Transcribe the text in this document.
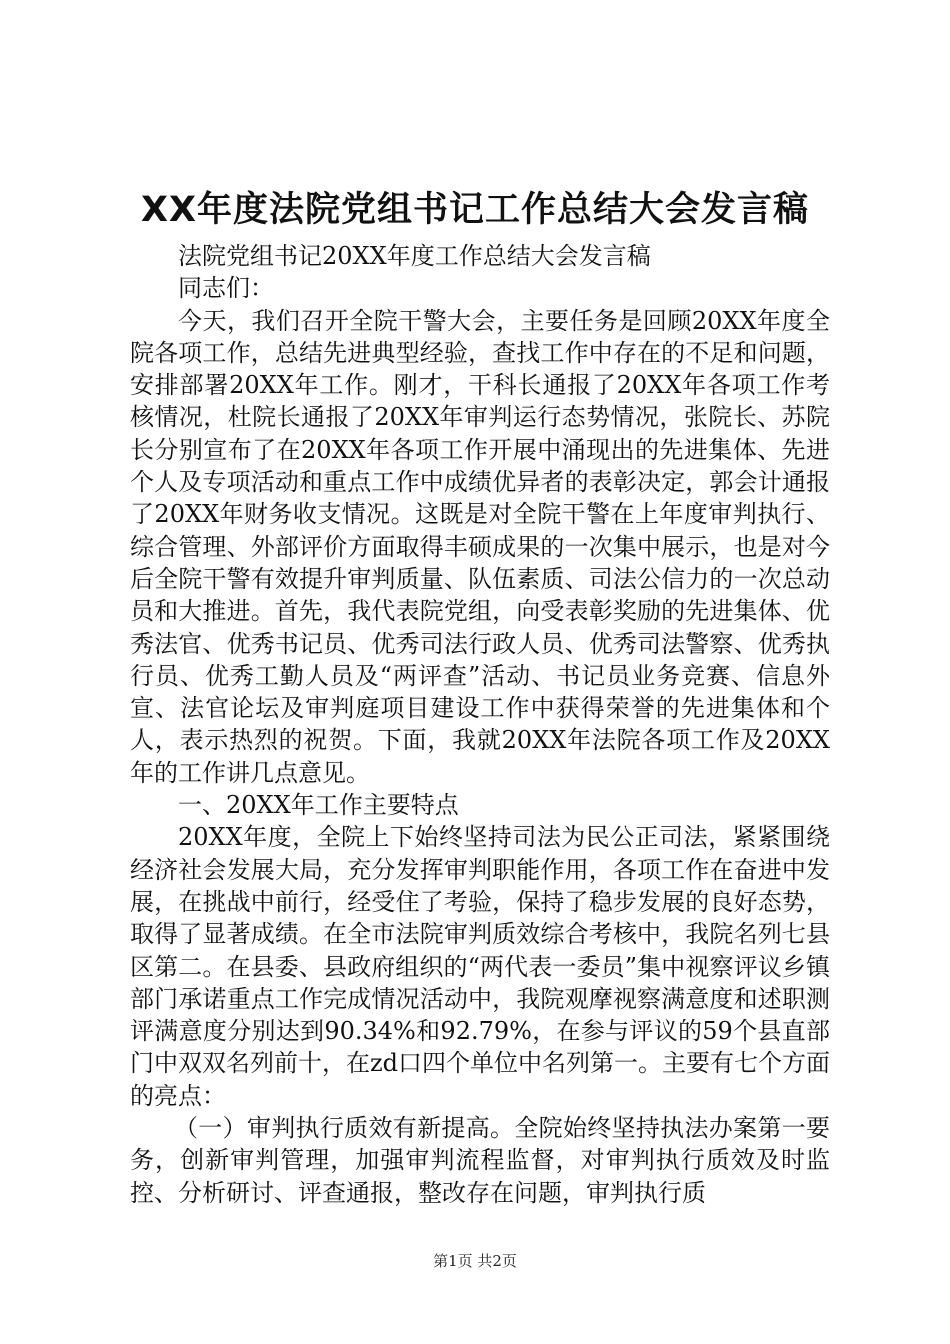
XX年度法院党组书记工作总结大会发言稿

法院党组书记20XX年度工作总结大会发言稿

同志们：

今天，我们召开全院干警大会，主要任务是回顾20XX年度全院各项工作，总结先进典型经验，查找工作中存在的不足和问题，安排部署20XX年工作。刚才，干科长通报了20XX年各项工作考核情况，杜院长通报了20XX年审判运行态势情况，张院长、苏院长分别宣布了在20XX年各项工作开展中涌现出的先进集体、先进个人及专项活动和重点工作中成绩优异者的表彰决定，郭会计通报了20XX年财务收支情况。这既是对全院干警在上年度审判执行、综合管理、外部评价方面取得丰硕成果的一次集中展示，也是对今后全院干警有效提升审判质量、队伍素质、司法公信力的一次总动员和大推进。首先，我代表院党组，向受表彰奖励的先进集体、优秀法官、优秀书记员、优秀司法行政人员、优秀司法警察、优秀执行员、优秀工勤人员及“两评查”活动、书记员业务竞赛、信息外宣、法官论坛及审判庭项目建设工作中获得荣誉的先进集体和个人，表示热烈的祝贺。下面，我就20XX年法院各项工作及20XX年的工作讲几点意见。

一、20XX年工作主要特点

20XX年度，全院上下始终坚持司法为民公正司法，紧紧围绕经济社会发展大局，充分发挥审判职能作用，各项工作在奋进中发展，在挑战中前行，经受住了考验，保持了稳步发展的良好态势，取得了显著成绩。在全市法院审判质效综合考核中，我院名列七县区第二。在县委、县政府组织的“两代表一委员”集中视察评议乡镇部门承诺重点工作完成情况活动中，我院观摩视察满意度和述职测评满意度分别达到90.34%和92.79%，在参与评议的59个县直部门中双双名列前十，在zd口四个单位中名列第一。主要有七个方面的亮点：

（一）审判执行质效有新提高。全院始终坚持执法办案第一要务，创新审判管理，加强审判流程监督，对审判执行质效及时监控、分析研讨、评查通报，整改存在问题，审判执行质

第1页 共2页
